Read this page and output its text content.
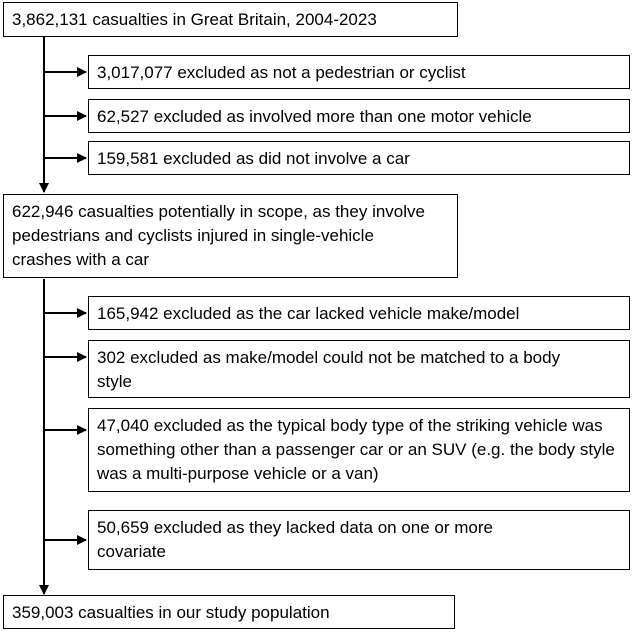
3,862,131 casualties in Great Britain, 2004-2023
3,017,077 excluded as not a pedestrian or cyclist
62,527 excluded as involved more than one motor vehicle
159,581 excluded as did not involve a car
622,946 casualties potentially in scope, as they involve pedestrians and cyclists injured in single-vehicle crashes with a car
165,942 excluded as the car lacked vehicle make/model
302 excluded as make/model could not be matched to a body style
47,040 excluded as the typical body type of the striking vehicle was something other than a passenger car or an SUV (e.g. the body style was a multi-purpose vehicle or a van)
50,659 excluded as they lacked data on one or more covariate
359,003 casualties in our study population
